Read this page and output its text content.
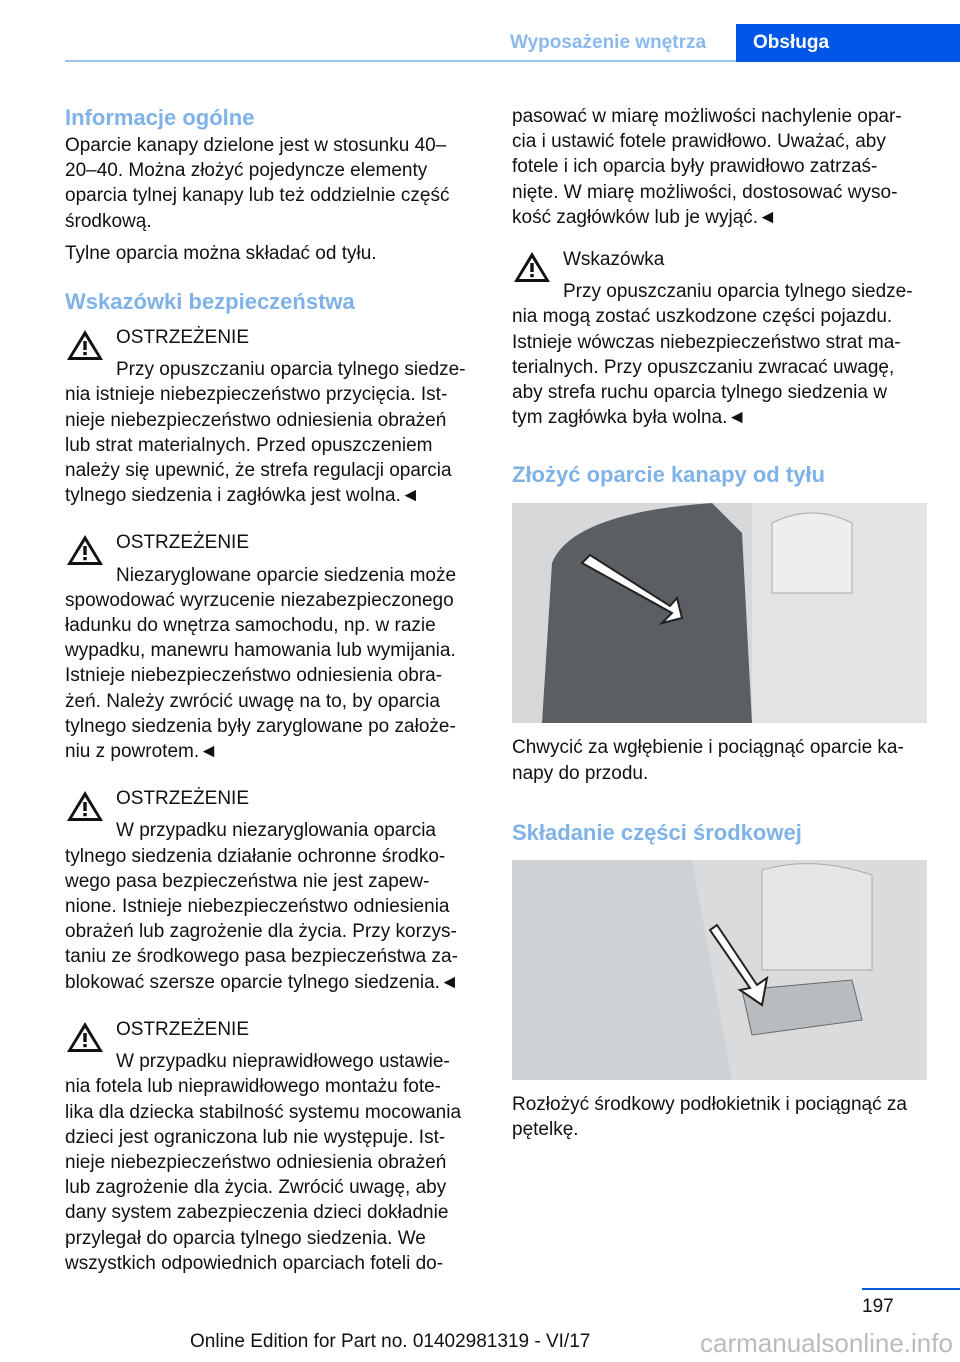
Wyposażenie wnętrza	Obsługa
Informacje ogólne

Oparcie kanapy dzielone jest w stosunku 40–
20–40. Można złożyć pojedyncze elementy
oparcia tylnej kanapy lub też oddzielnie część
środkową.

Tylne oparcia można składać od tyłu.

Wskazówki bezpieczeństwa

OSTRZEŻENIE

Przy opuszczaniu oparcia tylnego siedze-
nia istnieje niebezpieczeństwo przycięcia. Ist-
nieje niebezpieczeństwo odniesienia obrażeń
lub strat materialnych. Przed opuszczeniem
należy się upewnić, że strefa regulacji oparcia
tylnego siedzenia i zagłówka jest wolna.◄

OSTRZEŻENIE

Niezaryglowane oparcie siedzenia może
spowodować wyrzucenie niezabezpieczonego
ładunku do wnętrza samochodu, np. w razie
wypadku, manewru hamowania lub wymijania.
Istnieje niebezpieczeństwo odniesienia obra-
żeń. Należy zwrócić uwagę na to, by oparcia
tylnego siedzenia były zaryglowane po założe-
niu z powrotem.◄

OSTRZEŻENIE

W przypadku niezaryglowania oparcia
tylnego siedzenia działanie ochronne środko-
wego pasa bezpieczeństwa nie jest zapew-
nione. Istnieje niebezpieczeństwo odniesienia
obrażeń lub zagrożenie dla życia. Przy korzys-
taniu ze środkowego pasa bezpieczeństwa za-
blokować szersze oparcie tylnego siedzenia.◄

OSTRZEŻENIE

W przypadku nieprawidłowego ustawie-
nia fotela lub nieprawidłowego montażu fote-
lika dla dziecka stabilność systemu mocowania
dzieci jest ograniczona lub nie występuje. Ist-
nieje niebezpieczeństwo odniesienia obrażeń
lub zagrożenie dla życia. Zwrócić uwagę, aby
dany system zabezpieczenia dzieci dokładnie
przylegał do oparcia tylnego siedzenia. We
wszystkich odpowiednich oparciach foteli do-

pasować w miarę możliwości nachylenie opar-
cia i ustawić fotele prawidłowo. Uważać, aby
fotele i ich oparcia były prawidłowo zatrzaś-
nięte. W miarę możliwości, dostosować wyso-
kość zagłówków lub je wyjąć.◄

Wskazówka

Przy opuszczaniu oparcia tylnego siedze-
nia mogą zostać uszkodzone części pojazdu.
Istnieje wówczas niebezpieczeństwo strat ma-
terialnych. Przy opuszczaniu zwracać uwagę,
aby strefa ruchu oparcia tylnego siedzenia w
tym zagłówka była wolna.◄

Złożyć oparcie kanapy od tyłu

Chwycić za wgłębienie i pociągnąć oparcie ka-
napy do przodu.

Składanie części środkowej

Rozłożyć środkowy podłokietnik i pociągnąć za
pętelkę.

197
Online Edition for Part no. 01402981319 - VI/17	carmanualsonline.info
